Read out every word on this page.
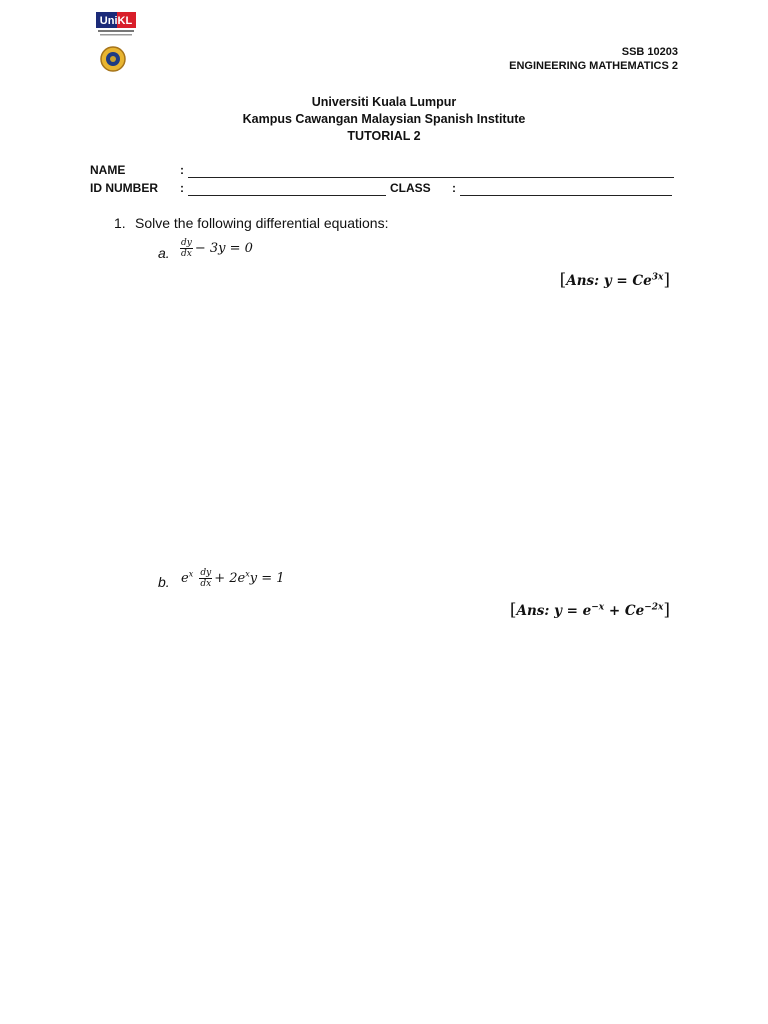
UniKL
SSB 10203
ENGINEERING MATHEMATICS 2
Universiti Kuala Lumpur
Kampus Cawangan Malaysian Spanish Institute
TUTORIAL 2
NAME	:
ID NUMBER :	CLASS :
1. Solve the following differential equations:
a. $\frac{dy}{dx} - 3y = 0$
[Ans: $y = Ce^{3x}$]
b. $e^x \frac{dy}{dx} + 2e^xy = 1$
[Ans: $y = e^{-x} + Ce^{-2x}$]
